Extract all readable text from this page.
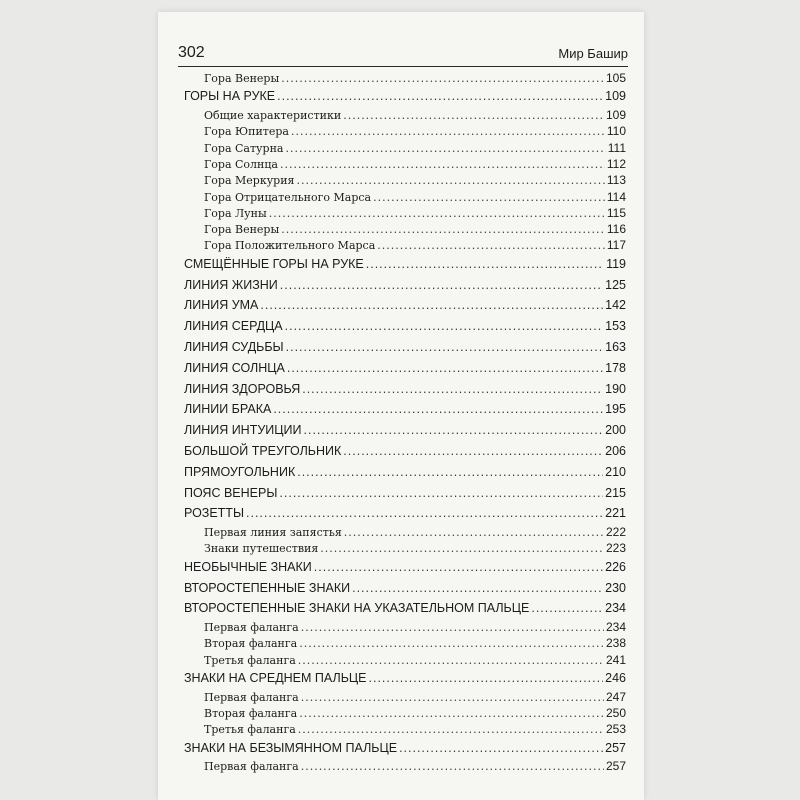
302	Мир Башир
Гора Венеры .....	105
ГОРЫ НА РУКЕ .....	109
Общие характеристики .....	109
Гора Юпитера .....	110
Гора Сатурна .....	111
Гора Солнца .....	112
Гора Меркурия .....	113
Гора Отрицательного Марса .....	114
Гора Луны .....	115
Гора Венеры .....	116
Гора Положительного Марса .....	117
СМЕЩЁННЫЕ ГОРЫ НА РУКЕ .....	119
ЛИНИЯ ЖИЗНИ .....	125
ЛИНИЯ УМА .....	142
ЛИНИЯ СЕРДЦА .....	153
ЛИНИЯ СУДЬБЫ .....	163
ЛИНИЯ СОЛНЦА .....	178
ЛИНИЯ ЗДОРОВЬЯ .....	190
ЛИНИИ БРАКА .....	195
ЛИНИЯ ИНТУИЦИИ .....	200
БОЛЬШОЙ ТРЕУГОЛЬНИК .....	206
ПРЯМОУГОЛЬНИК .....	210
ПОЯС ВЕНЕРЫ .....	215
РОЗЕТТЫ .....	221
Первая линия запястья .....	222
Знаки путешествия .....	223
НЕОБЫЧНЫЕ ЗНАКИ .....	226
ВТОРОСТЕПЕННЫЕ ЗНАКИ .....	230
ВТОРОСТЕПЕННЫЕ ЗНАКИ НА УКАЗАТЕЛЬНОМ ПАЛЬЦЕ .....	234
Первая фаланга .....	234
Вторая фаланга .....	238
Третья фаланга .....	241
ЗНАКИ НА СРЕДНЕМ ПАЛЬЦЕ .....	246
Первая фаланга .....	247
Вторая фаланга .....	250
Третья фаланга .....	253
ЗНАКИ НА БЕЗЫМЯННОМ ПАЛЬЦЕ .....	257
Первая фаланга .....	257
